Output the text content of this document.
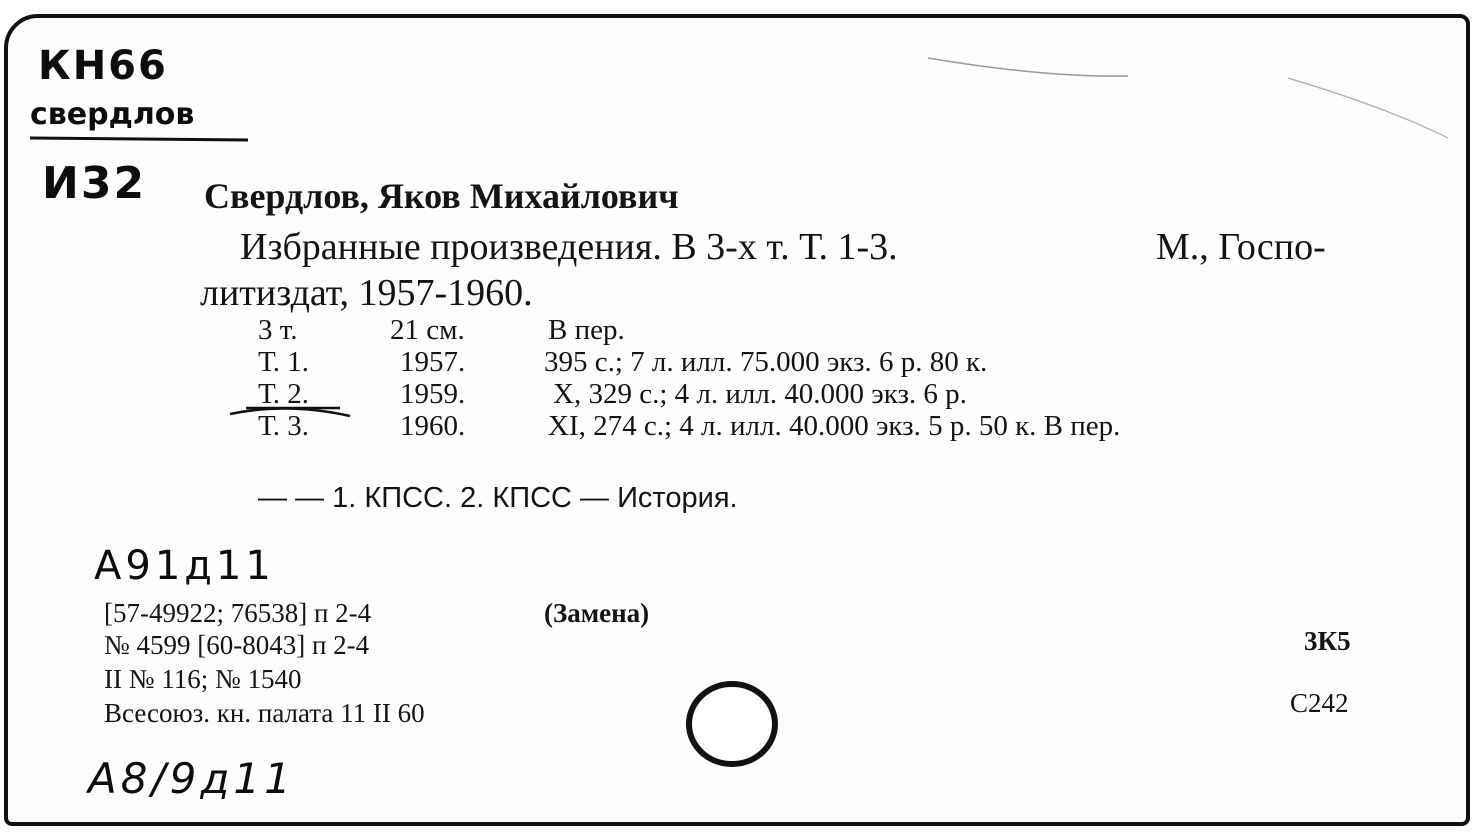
КН66
свердлов
И32 Свердлов, Яков Михайлович
Избранные произведения. В 3-х т. Т. 1-3.	М., Госпо-
литиздат, 1957-1960.
3 т.	21 см.	В пер.
Т. 1.	1957.	395 с.; 7 л. илл. 75.000 экз. 6 р. 80 к.
Т. 2.	1959.	X, 329 с.; 4 л. илл. 40.000 экз. 6 р.
Т. 3.	1960.	XI, 274 с.; 4 л. илл. 40.000 экз. 5 р. 50 к. В пер.
— — 1. КПСС. 2. КПСС — История.
А91д11
[57-49922; 76538] п 2-4	(Замена)
№ 4599 [60-8043] п 2-4
II № 116; № 1540
Всесоюз. кн. палата 11 II 60
3К5
С242
А8/9д11
